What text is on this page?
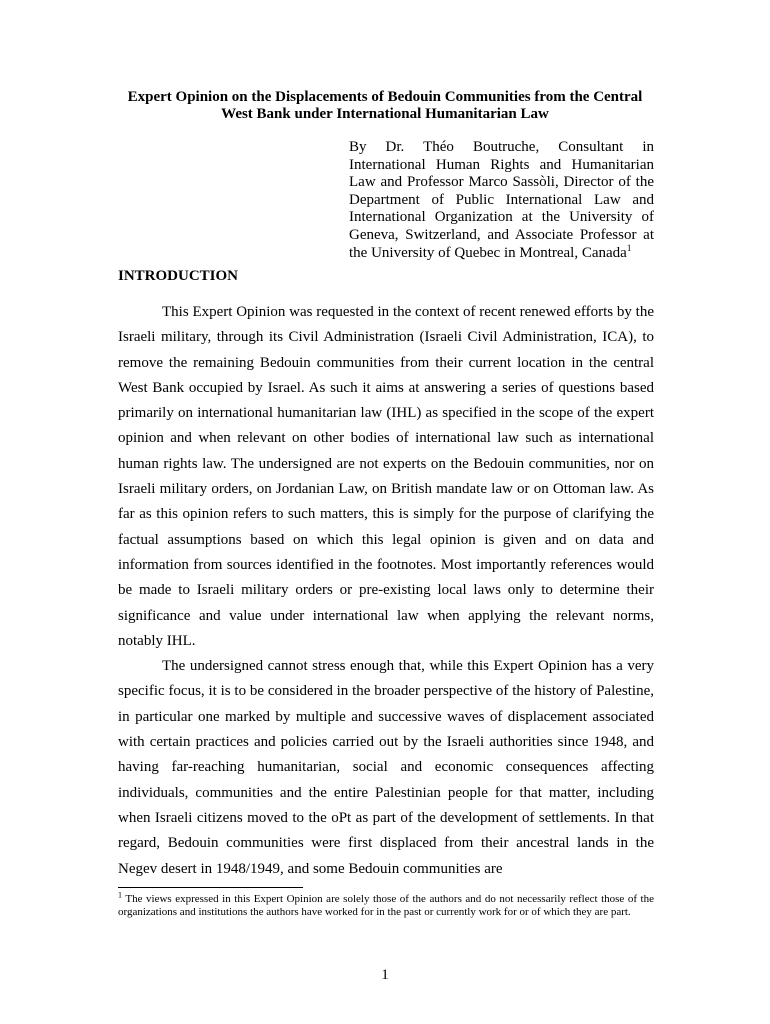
Expert Opinion on the Displacements of Bedouin Communities from the Central
West Bank under International Humanitarian Law
By Dr. Théo Boutruche, Consultant in International Human Rights and Humanitarian Law and Professor Marco Sassòli, Director of the Department of Public International Law and International Organization at the University of Geneva, Switzerland, and Associate Professor at the University of Quebec in Montreal, Canada$^1$
INTRODUCTION

This Expert Opinion was requested in the context of recent renewed efforts by the Israeli military, through its Civil Administration (Israeli Civil Administration, ICA), to remove the remaining Bedouin communities from their current location in the central West Bank occupied by Israel. As such it aims at answering a series of questions based primarily on international humanitarian law (IHL) as specified in the scope of the expert opinion and when relevant on other bodies of international law such as international human rights law. The undersigned are not experts on the Bedouin communities, nor on Israeli military orders, on Jordanian Law, on British mandate law or on Ottoman law. As far as this opinion refers to such matters, this is simply for the purpose of clarifying the factual assumptions based on which this legal opinion is given and on data and information from sources identified in the footnotes. Most importantly references would be made to Israeli military orders or pre-existing local laws only to determine their significance and value under international law when applying the relevant norms, notably IHL.

The undersigned cannot stress enough that, while this Expert Opinion has a very specific focus, it is to be considered in the broader perspective of the history of Palestine, in particular one marked by multiple and successive waves of displacement associated with certain practices and policies carried out by the Israeli authorities since 1948, and having far-reaching humanitarian, social and economic consequences affecting individuals, communities and the entire Palestinian people for that matter, including when Israeli citizens moved to the oPt as part of the development of settlements. In that regard, Bedouin communities were first displaced from their ancestral lands in the Negev desert in 1948/1949, and some Bedouin communities are

$^1$ The views expressed in this Expert Opinion are solely those of the authors and do not necessarily reflect those of the organizations and institutions the authors have worked for in the past or currently work for or of which they are part.
1
